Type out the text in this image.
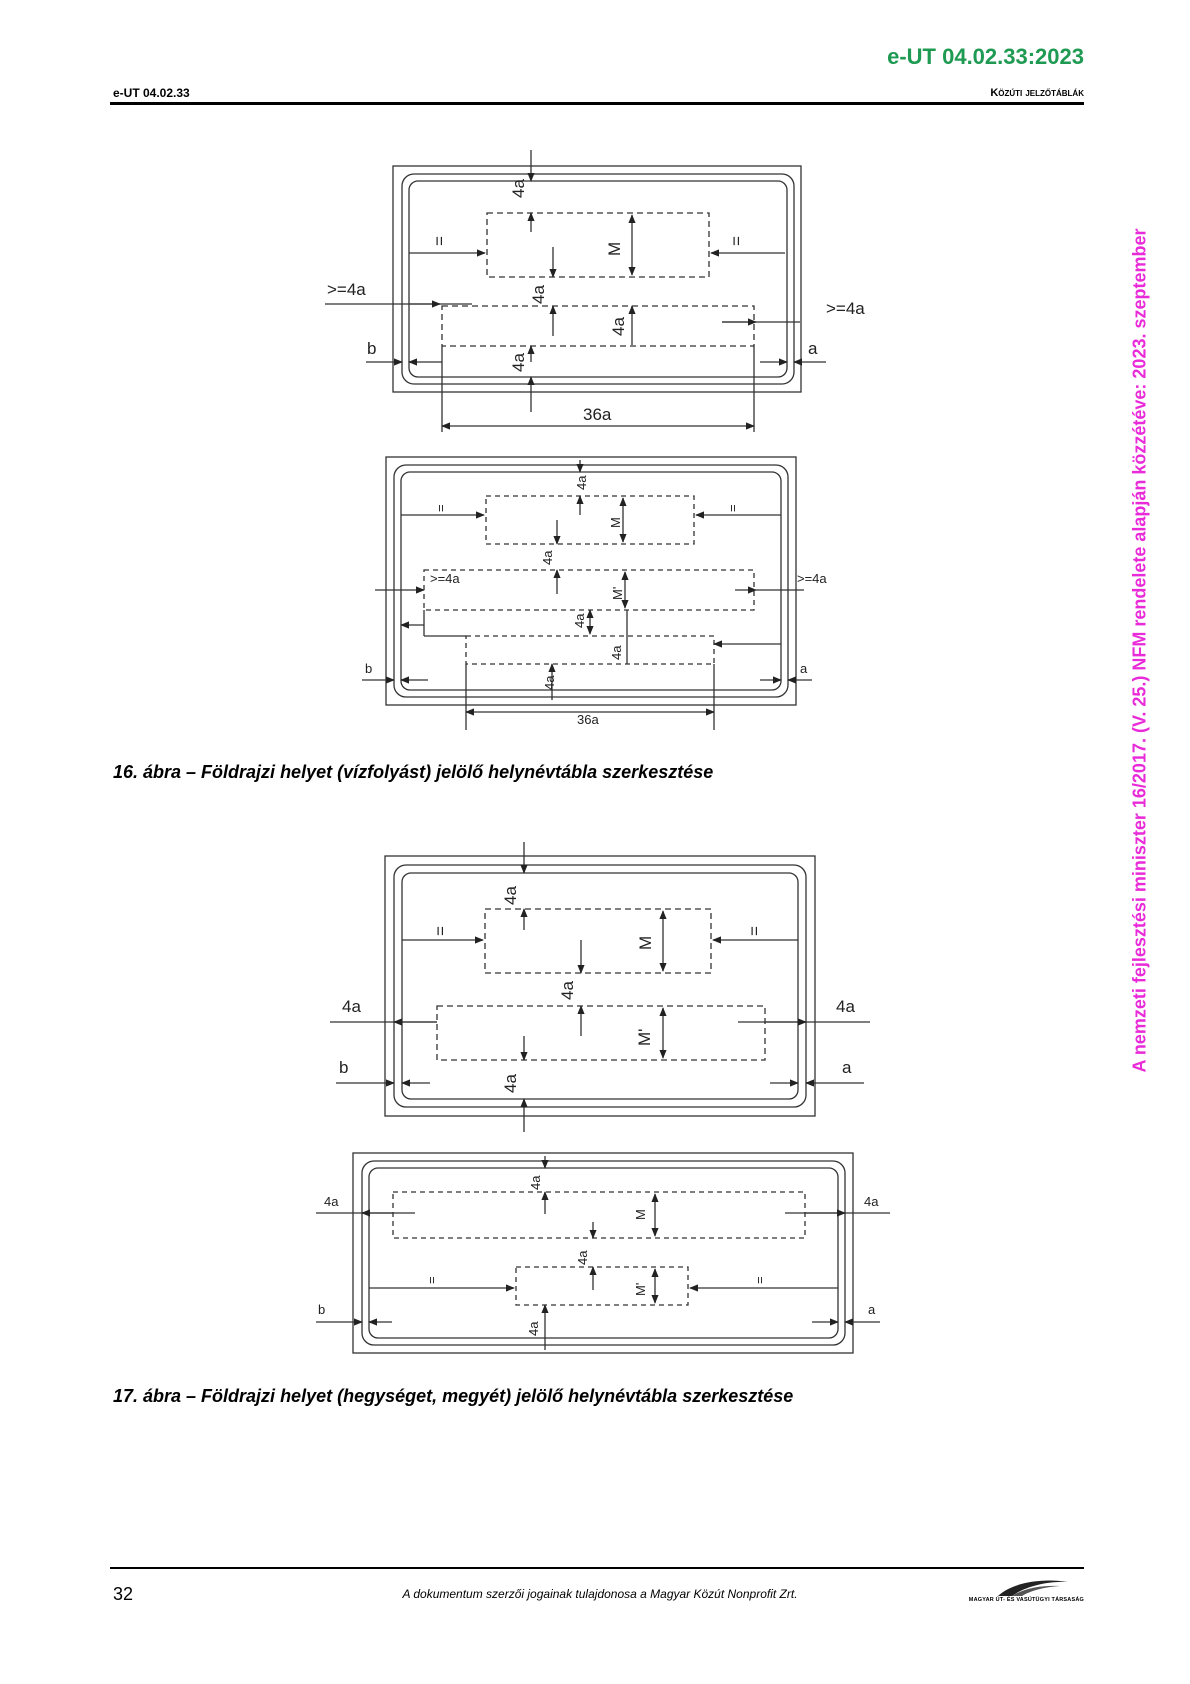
e-UT 04.02.33:2023
e-UT 04.02.33	Közúti jelzőtáblák
A nemzeti fejlesztési miniszter 16/2017. (V. 25.) NFM rendelete alapján közzétéve: 2023. szeptember
4a
=	=
M
4a
4a
>=4a
>=4a
b	a
4a
36a
4a
=	=
M
4a
M'
>=4a	>=4a
4a
4a
b	a
4a
36a
4a
=	=
M
4a
M'
4a	4a
b	a
4a
4a
4a	4a
M
4a
M'
=	=
b	a
4a
16. ábra – Földrajzi helyet (vízfolyást) jelölő helynévtábla szerkesztése
17. ábra – Földrajzi helyet (hegységet, megyét) jelölő helynévtábla szerkesztése
32	A dokumentum szerzői jogainak tulajdonosa a Magyar Közút Nonprofit Zrt.	MAGYAR ÚT- ÉS VASÚTÜGYI TÁRSASÁG
